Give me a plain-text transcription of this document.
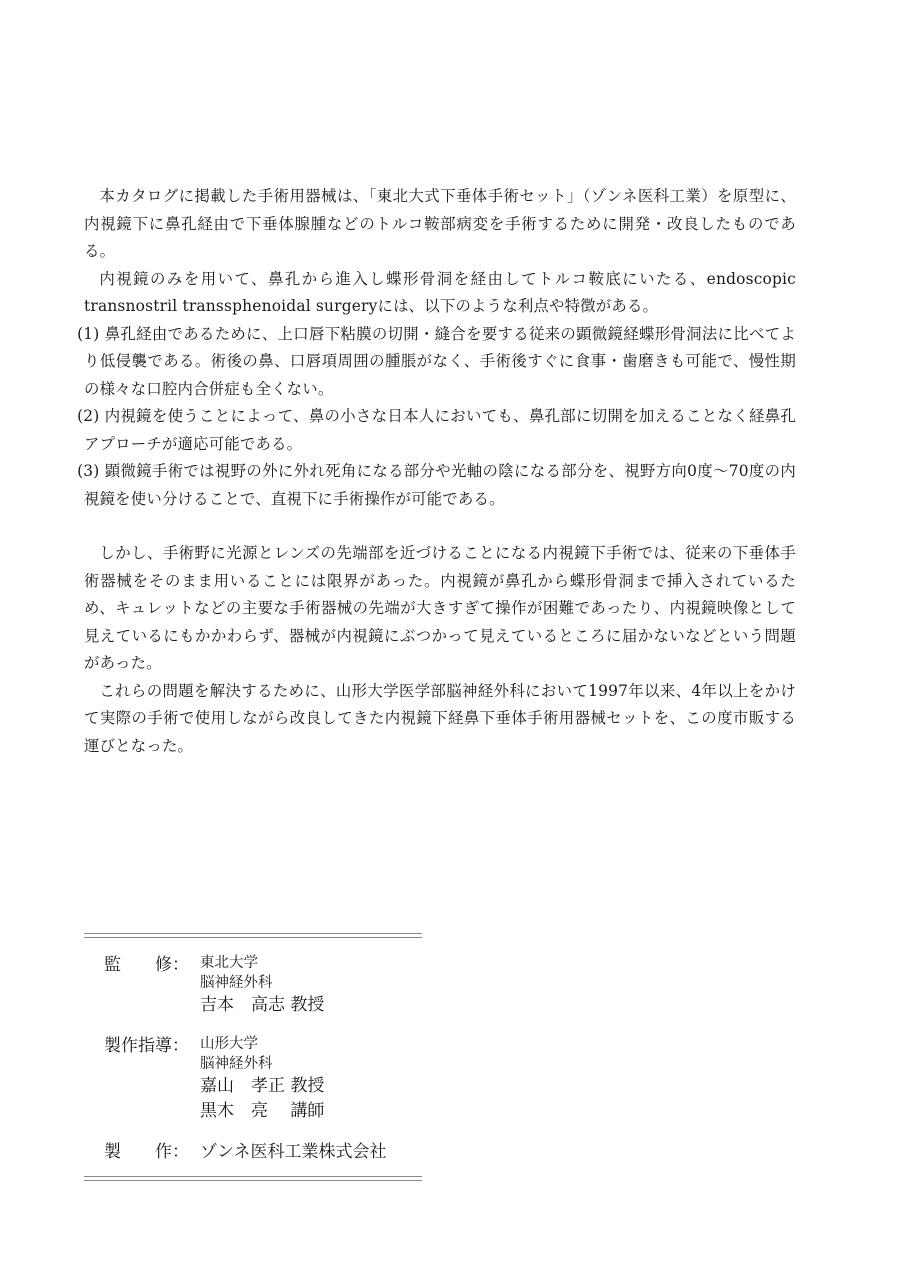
本カタログに掲載した手術用器械は、「東北大式下垂体手術セット」（ゾンネ医科工業）を原型に、内視鏡下に鼻孔経由で下垂体腺腫などのトルコ鞍部病変を手術するために開発・改良したものである。

内視鏡のみを用いて、鼻孔から進入し蝶形骨洞を経由してトルコ鞍底にいたる、endoscopic transnostril transsphenoidal surgeryには、以下のような利点や特徴がある。

(1) 鼻孔経由であるために、上口唇下粘膜の切開・縫合を要する従来の顕微鏡経蝶形骨洞法に比べてより低侵襲である。術後の鼻、口唇項周囲の腫脹がなく、手術後すぐに食事・歯磨きも可能で、慢性期の様々な口腔内合併症も全くない。

(2) 内視鏡を使うことによって、鼻の小さな日本人においても、鼻孔部に切開を加えることなく経鼻孔アプローチが適応可能である。

(3) 顕微鏡手術では視野の外に外れ死角になる部分や光軸の陰になる部分を、視野方向0度～70度の内視鏡を使い分けることで、直視下に手術操作が可能である。

しかし、手術野に光源とレンズの先端部を近づけることになる内視鏡下手術では、従来の下垂体手術器械をそのまま用いることには限界があった。内視鏡が鼻孔から蝶形骨洞まで挿入されているため、キュレットなどの主要な手術器械の先端が大きすぎて操作が困難であったり、内視鏡映像として見えているにもかかわらず、器械が内視鏡にぶつかって見えているところに届かないなどという問題があった。

これらの問題を解決するために、山形大学医学部脳神経外科において1997年以来、4年以上をかけて実際の手術で使用しながら改良してきた内視鏡下経鼻下垂体手術用器械セットを、この度市販する運びとなった。

監　　修： 東北大学
脳神経外科
吉本　高志 教授
製作指導： 山形大学
脳神経外科
嘉山　孝正 教授
黒木　亮　 講師
製　　作： ゾンネ医科工業株式会社
